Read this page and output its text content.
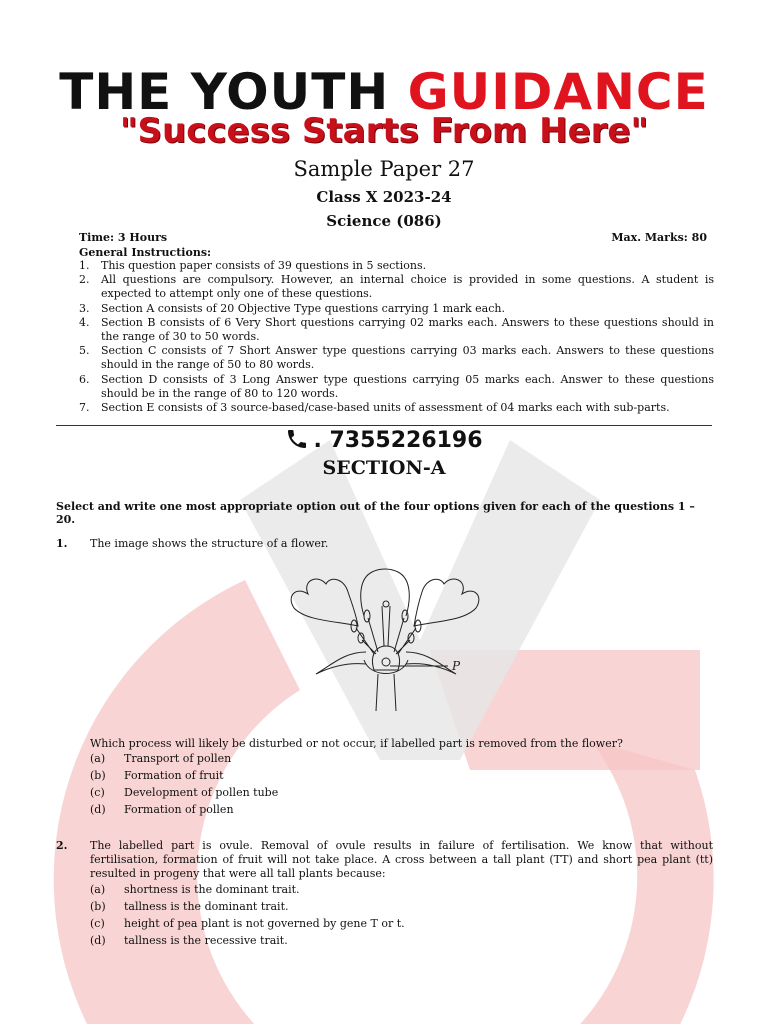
THE YOUTH GUIDANCE
"Success Starts From Here"
Sample Paper 27
Class X 2023-24
Science (086)
Time: 3 Hours	Max. Marks: 80
General Instructions:
1.	This question paper consists of 39 questions in 5 sections.
2.	All questions are compulsory. However, an internal choice is provided in some questions. A student is expected to attempt only one of these questions.
3.	Section A consists of 20 Objective Type questions carrying 1 mark each.
4.	Section B consists of 6 Very Short questions carrying 02 marks each. Answers to these questions should in the range of 30 to 50 words.
5.	Section C consists of 7 Short Answer type questions carrying 03 marks each. Answers to these questions should in the range of 50 to 80 words.
6.	Section D consists of 3 Long Answer type questions carrying 05 marks each. Answer to these questions should be in the range of 80 to 120 words.
7.	Section E consists of 3 source-based/case-based units of assessment of 04 marks each with sub-parts.
. 7355226196
SECTION-A
Select and write one most appropriate option out of the four options given for each of the questions 1 – 20.
1. The image shows the structure of a flower.
P
Which process will likely be disturbed or not occur, if labelled part is removed from the flower?
(a)	Transport of pollen
(b)	Formation of fruit
(c)	Development of pollen tube
(d)	Formation of pollen
2. The labelled part is ovule. Removal of ovule results in failure of fertilisation. We know that without fertilisation, formation of fruit will not take place. A cross between a tall plant (TT) and short pea plant (tt) resulted in progeny that were all tall plants because:
(a)	shortness is the dominant trait.
(b)	tallness is the dominant trait.
(c)	height of pea plant is not governed by gene T or t.
(d)	tallness is the recessive trait.
